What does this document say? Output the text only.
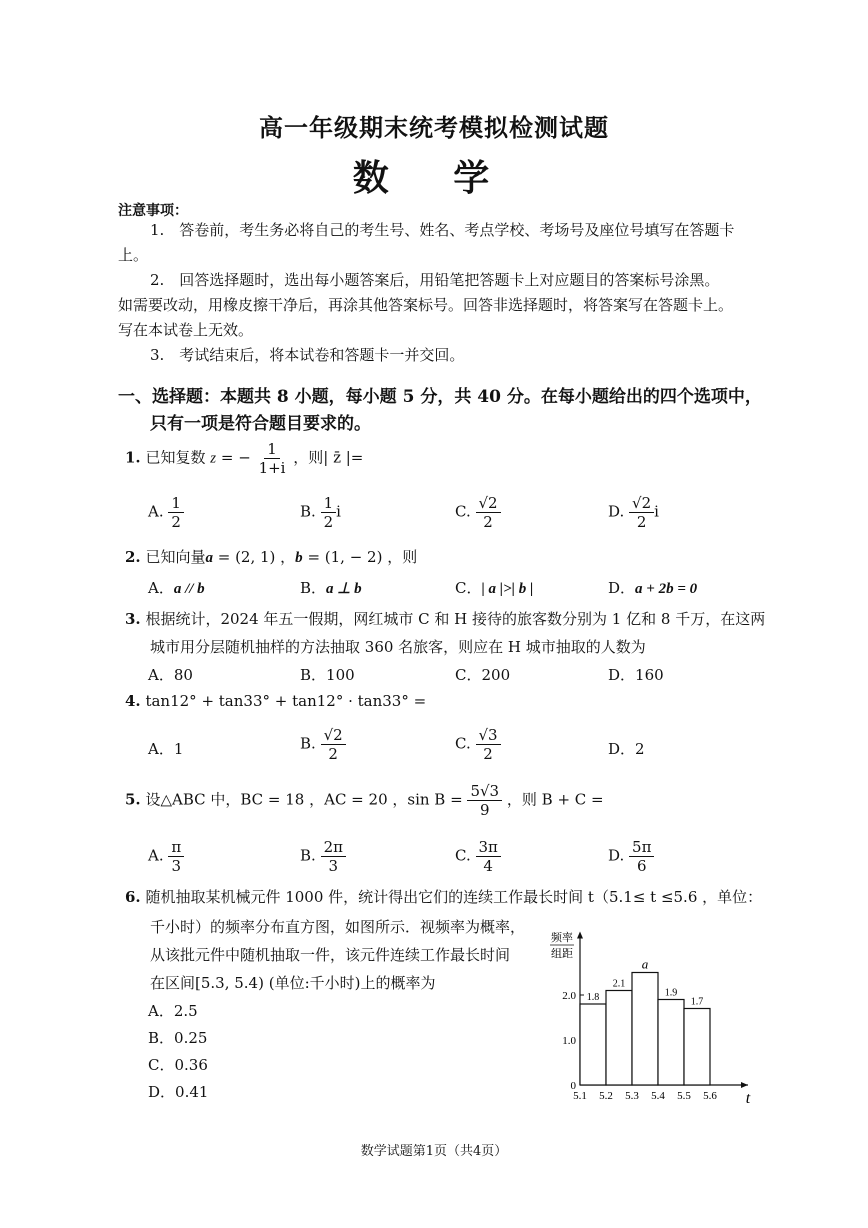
高一年级期末统考模拟检测试题
数 学
注意事项：
1.　答卷前，考生务必将自己的考生号、姓名、考点学校、考场号及座位号填写在答题卡
上。
2.　回答选择题时，选出每小题答案后，用铅笔把答题卡上对应题目的答案标号涂黑。
如需要改动，用橡皮擦干净后，再涂其他答案标号。回答非选择题时，将答案写在答题卡上。
写在本试卷上无效。
3.　考试结束后，将本试卷和答题卡一并交回。
一、选择题：本题共 8 小题，每小题 5 分，共 40 分。在每小题给出的四个选项中，
只有一项是符合题目要求的。
1. 已知复数 z = − $\frac{1}{1+i}$ ，则| z̄ |=
A. $\frac{1}{2}$	B. $\frac{1}{2}$ i	C. $\frac{√2}{2}$	D. $\frac{√2}{2}$ i
2. 已知向量a = (2, 1) ，b = (1, − 2) ，则
A．a // b	B．a ⊥ b	C．| a |>| b |	D．a + 2b = 0
3. 根据统计，2024 年五一假期，网红城市 C 和 H 接待的旅客数分别为 1 亿和 8 千万，在这两
城市用分层随机抽样的方法抽取 360 名旅客，则应在 H 城市抽取的人数为
A．80	B．100	C．200	D．160
4. tan12° + tan33° + tan12° · tan33° =
A．1	B. $\frac{√2}{2}$	C. $\frac{√3}{2}$	D．2
5. 设△ABC 中，BC = 18 ，AC = 20 ，$\sin B = \frac{5√3}{9}$ ，则 B + C =
A. $\frac{\pi}{3}$	B. $\frac{2\pi}{3}$	C. $\frac{3\pi}{4}$	D. $\frac{5\pi}{6}$
6. 随机抽取某机械元件 1000 件，统计得出它们的连续工作最长时间 t（5.1≤ t ≤5.6 ，单位：
千小时）的频率分布直方图，如图所示．视频率为概率，
从该批元件中随机抽取一件，该元件连续工作最长时间
在区间[5.3, 5.4) (单位:千小时)上的概率为
A．2.5
B．0.25
C．0.36
D．0.41
频率
组距
0
1.0
2.0 1.8
2.1
a
1.9
1.7
5.1 5.2 5.3 5.4 5.5 5.6 t
数学试题第1页（共4页）
